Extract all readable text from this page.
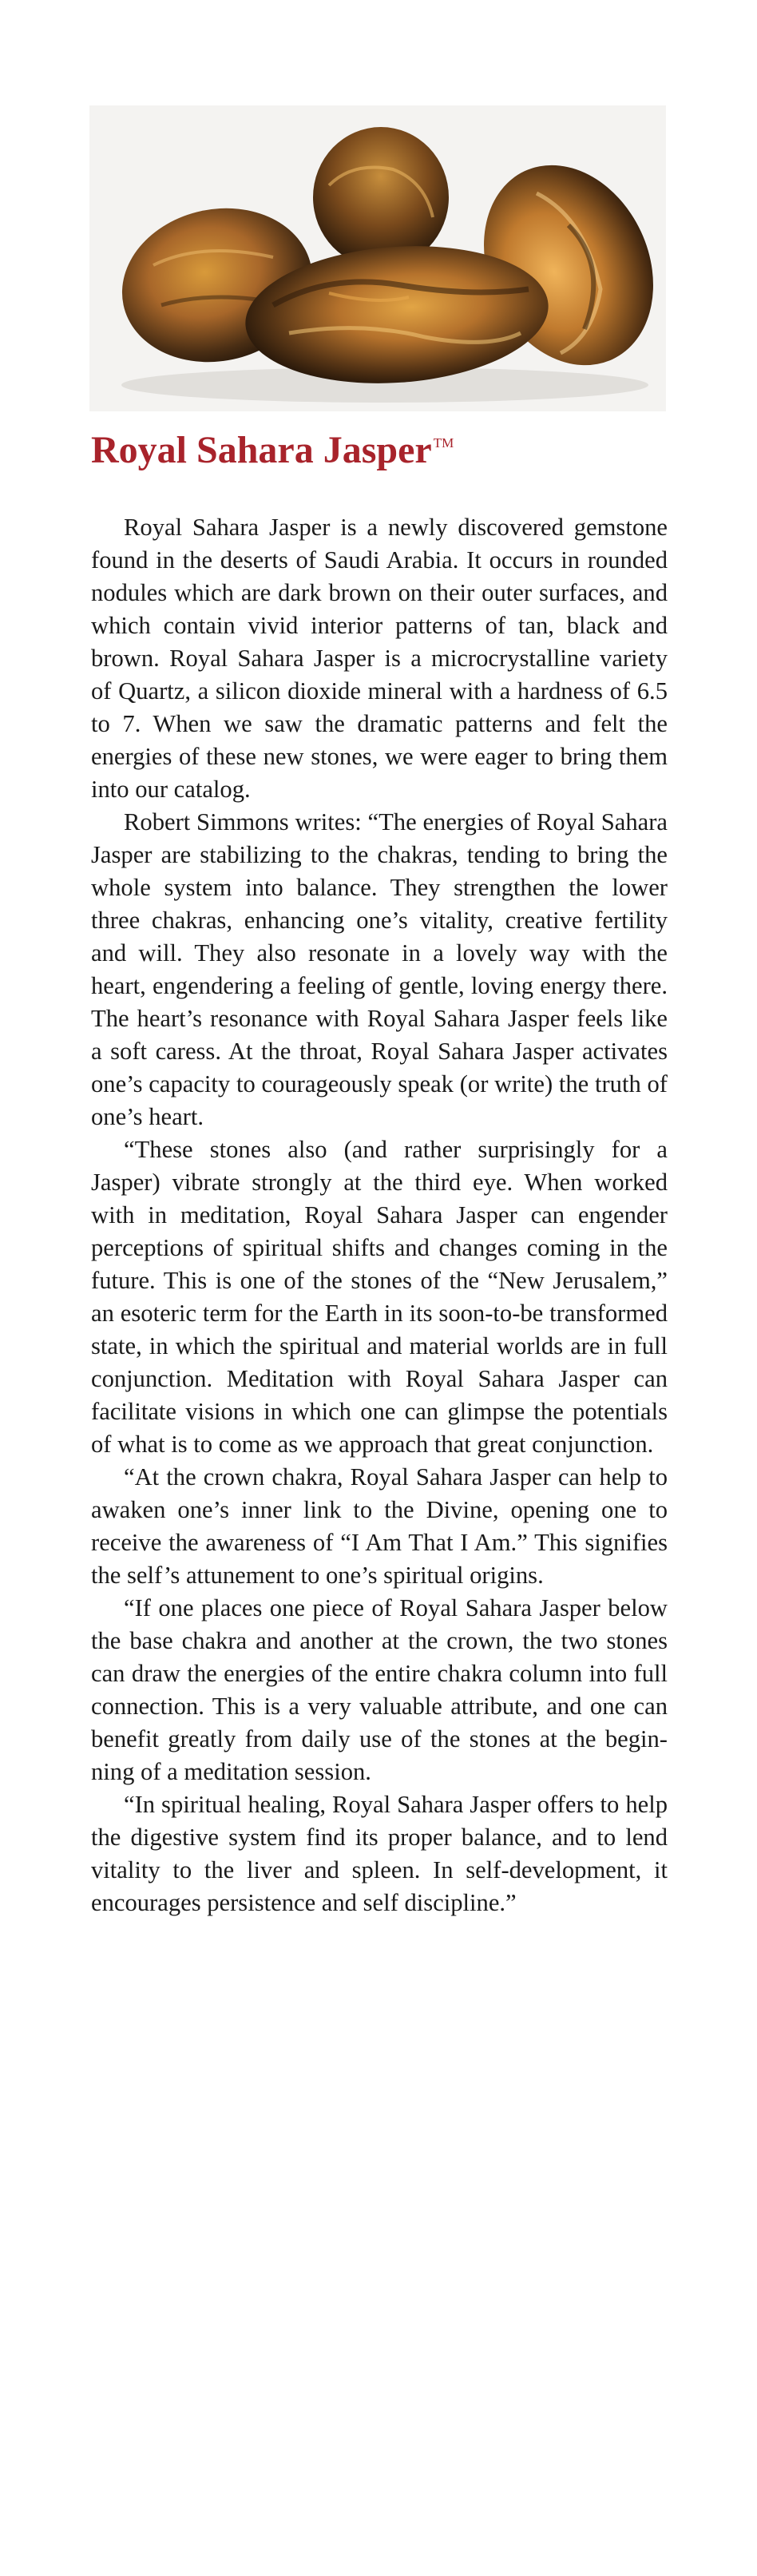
Royal Sahara Jasper ™

Royal Sahara Jasper is a newly discovered gemstone found in the deserts of Saudi Arabia. It occurs in rounded nodules which are dark brown on their outer surfaces, and which contain vivid interior patterns of tan, black and brown. Royal Sahara Jasper is a microcrystalline variety of Quartz, a silicon dioxide mineral with a hardness of 6.5 to 7. When we saw the dramatic patterns and felt the energies of these new stones, we were eager to bring them into our catalog.

Robert Simmons writes: “The energies of Royal Sahara Jasper are stabilizing to the chakras, tending to bring the whole system into balance. They strengthen the lower three chakras, enhancing one’s vitality, creative fertility and will. They also resonate in a lovely way with the heart, engendering a feeling of gentle, loving energy there. The heart’s resonance with Royal Sahara Jasper feels like a soft caress. At the throat, Royal Sahara Jasper activates one’s capacity to courageously speak (or write) the truth of one’s heart.

“These stones also (and rather surprisingly for a Jasper) vibrate strongly at the third eye. When worked with in meditation, Royal Sahara Jasper can engender perceptions of spiritual shifts and changes coming in the future. This is one of the stones of the “New Jerusalem,” an esoteric term for the Earth in its soon-to-be transformed state, in which the spiritual and material worlds are in full conjunction. Meditation with Royal Sahara Jasper can facilitate visions in which one can glimpse the potentials of what is to come as we approach that great conjunction.

“At the crown chakra, Royal Sahara Jasper can help to awaken one’s inner link to the Divine, opening one to receive the awareness of “I Am That I Am.” This signifies the self’s attunement to one’s spiritual origins.

“If one places one piece of Royal Sahara Jasper below the base chakra and another at the crown, the two stones can draw the energies of the entire chakra column into full connection. This is a very valuable attribute, and one can benefit greatly from daily use of the stones at the beginning of a meditation session.

“In spiritual healing, Royal Sahara Jasper offers to help the digestive system find its proper balance, and to lend vitality to the liver and spleen. In self-development, it encourages persistence and self discipline.”
